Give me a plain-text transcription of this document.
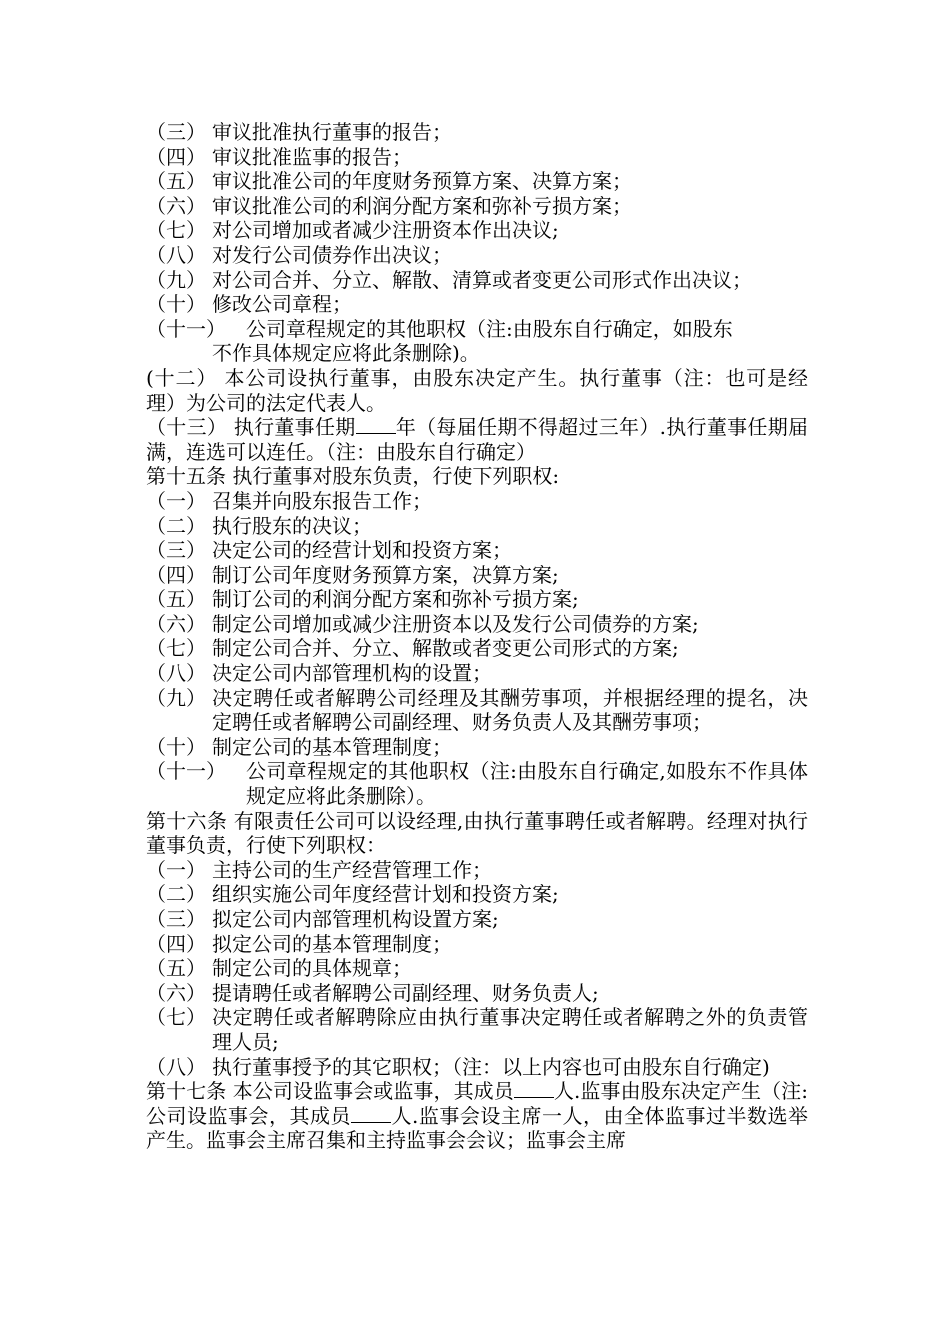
（三） 审议批准执行董事的报告；
（四） 审议批准监事的报告；
（五） 审议批准公司的年度财务预算方案、决算方案；
（六） 审议批准公司的利润分配方案和弥补亏损方案；
（七） 对公司增加或者减少注册资本作出决议;
（八） 对发行公司债券作出决议；
（九） 对公司合并、分立、解散、清算或者变更公司形式作出决议；
（十） 修改公司章程；
（十一）	公司章程规定的其他职权（注:由股东自行确定，如股东
不作具体规定应将此条删除)。
(十二） 本公司设执行董事，由股东决定产生。执行董事（注：也可是经理）为公司的法定代表人。
（十三） 执行董事任期 年（每届任期不得超过三年）.执行董事任期届满，连选可以连任。（注：由股东自行确定）
第十五条 执行董事对股东负责，行使下列职权:
（一） 召集并向股东报告工作；
（二） 执行股东的决议；
（三） 决定公司的经营计划和投资方案；
（四） 制订公司年度财务预算方案，决算方案;
（五） 制订公司的利润分配方案和弥补亏损方案;
（六） 制定公司增加或减少注册资本以及发行公司债券的方案;
（七） 制定公司合并、分立、解散或者变更公司形式的方案;
（八） 决定公司内部管理机构的设置；
（九） 决定聘任或者解聘公司经理及其酬劳事项，并根据经理的提名，决定聘任或者解聘公司副经理、财务负责人及其酬劳事项；
（十） 制定公司的基本管理制度；
（十一）	公司章程规定的其他职权（注:由股东自行确定,如股东不作具体规定应将此条删除）。
第十六条 有限责任公司可以设经理,由执行董事聘任或者解聘。经理对执行董事负责，行使下列职权：
（一） 主持公司的生产经营管理工作；
（二） 组织实施公司年度经营计划和投资方案;
（三） 拟定公司内部管理机构设置方案;
（四） 拟定公司的基本管理制度；
（五） 制定公司的具体规章；
（六） 提请聘任或者解聘公司副经理、财务负责人;
（七） 决定聘任或者解聘除应由执行董事决定聘任或者解聘之外的负责管理人员;
（八） 执行董事授予的其它职权；（注：以上内容也可由股东自行确定)
第十七条 本公司设监事会或监事，其成员 人.监事由股东决定产生（注:公司设监事会，其成员 人.监事会设主席一人，由全体监事过半数选举产生。监事会主席召集和主持监事会会议；监事会主席
